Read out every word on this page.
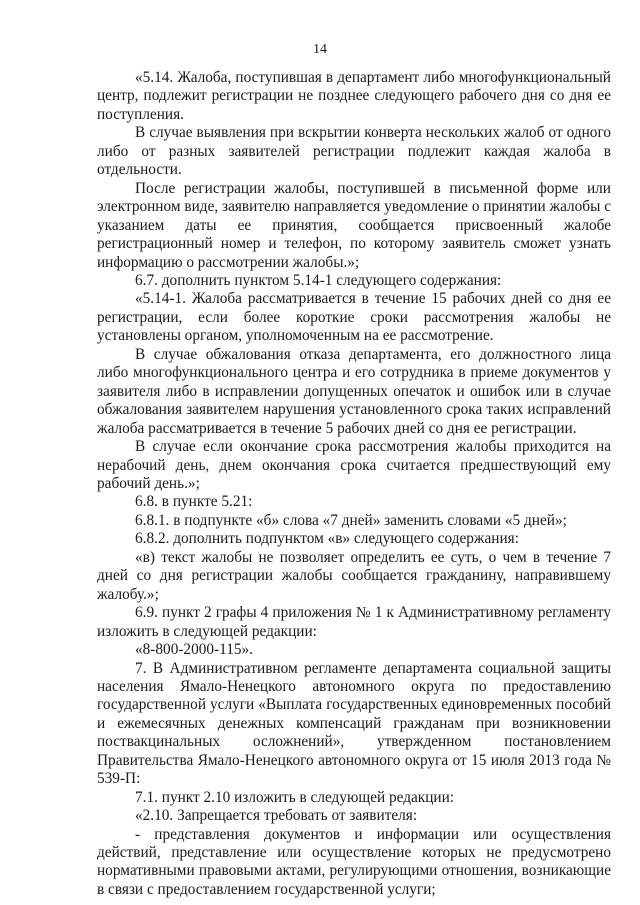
14

«5.14. Жалоба, поступившая в департамент либо многофункциональный центр, подлежит регистрации не позднее следующего рабочего дня со дня ее поступления.

В случае выявления при вскрытии конверта нескольких жалоб от одного либо от разных заявителей регистрации подлежит каждая жалоба в отдельности.

После регистрации жалобы, поступившей в письменной форме или электронном виде, заявителю направляется уведомление о принятии жалобы с указанием даты ее принятия, сообщается присвоенный жалобе регистрационный номер и телефон, по которому заявитель сможет узнать информацию о рассмотрении жалобы.»;

6.7. дополнить пунктом 5.14-1 следующего содержания:

«5.14-1. Жалоба рассматривается в течение 15 рабочих дней со дня ее регистрации, если более короткие сроки рассмотрения жалобы не установлены органом, уполномоченным на ее рассмотрение.

В случае обжалования отказа департамента, его должностного лица либо многофункционального центра и его сотрудника в приеме документов у заявителя либо в исправлении допущенных опечаток и ошибок или в случае обжалования заявителем нарушения установленного срока таких исправлений жалоба рассматривается в течение 5 рабочих дней со дня ее регистрации.

В случае если окончание срока рассмотрения жалобы приходится на нерабочий день, днем окончания срока считается предшествующий ему рабочий день.»;

6.8. в пункте 5.21:

6.8.1. в подпункте «б» слова «7 дней» заменить словами «5 дней»;

6.8.2. дополнить подпунктом «в» следующего содержания:

«в) текст жалобы не позволяет определить ее суть, о чем в течение 7 дней со дня регистрации жалобы сообщается гражданину, направившему жалобу.»;

6.9. пункт 2 графы 4 приложения № 1 к Административному регламенту изложить в следующей редакции:

«8-800-2000-115».

7. В Административном регламенте департамента социальной защиты населения Ямало-Ненецкого автономного округа по предоставлению государственной услуги «Выплата государственных единовременных пособий и ежемесячных денежных компенсаций гражданам при возникновении поствакцинальных осложнений», утвержденном постановлением Правительства Ямало-Ненецкого автономного округа от 15 июля 2013 года № 539-П:

7.1. пункт 2.10 изложить в следующей редакции:

«2.10. Запрещается требовать от заявителя:

- представления документов и информации или осуществления действий, представление или осуществление которых не предусмотрено нормативными правовыми актами, регулирующими отношения, возникающие в связи с предоставлением государственной услуги;
